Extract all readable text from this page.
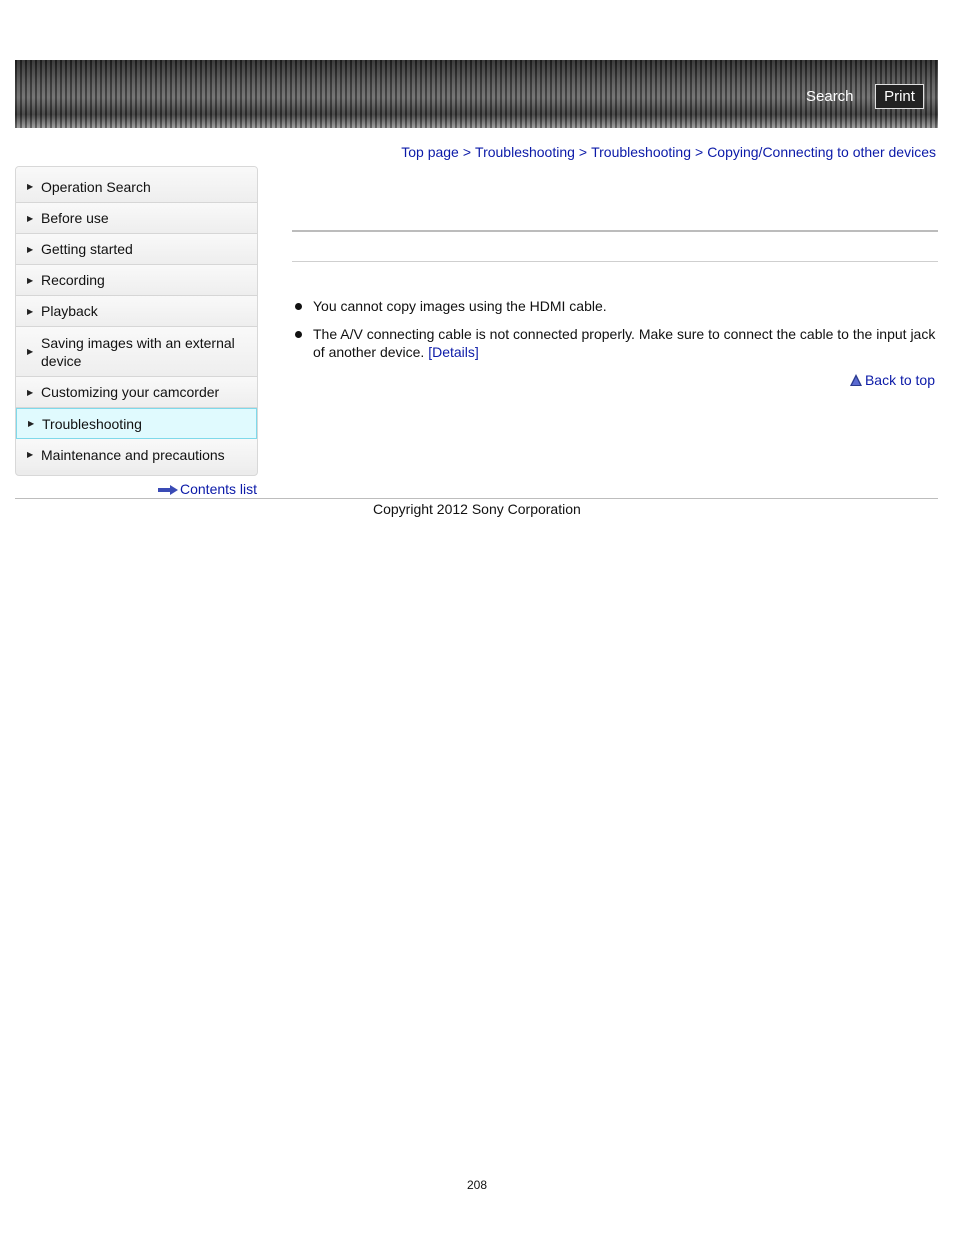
Search	Print
Top page > Troubleshooting > Troubleshooting > Copying/Connecting to other devices
▶ Operation Search
▶ Before use
▶ Getting started
▶ Recording
▶ Playback
▶
Saving images with an external device
▶ Customizing your camcorder
▶ Troubleshooting
▶ Maintenance and precautions
Contents list
You cannot copy images using the HDMI cable.
The A/V connecting cable is not connected properly. Make sure to connect the cable to the input jack of another device. [Details]
Back to top
Copyright 2012 Sony Corporation
208
